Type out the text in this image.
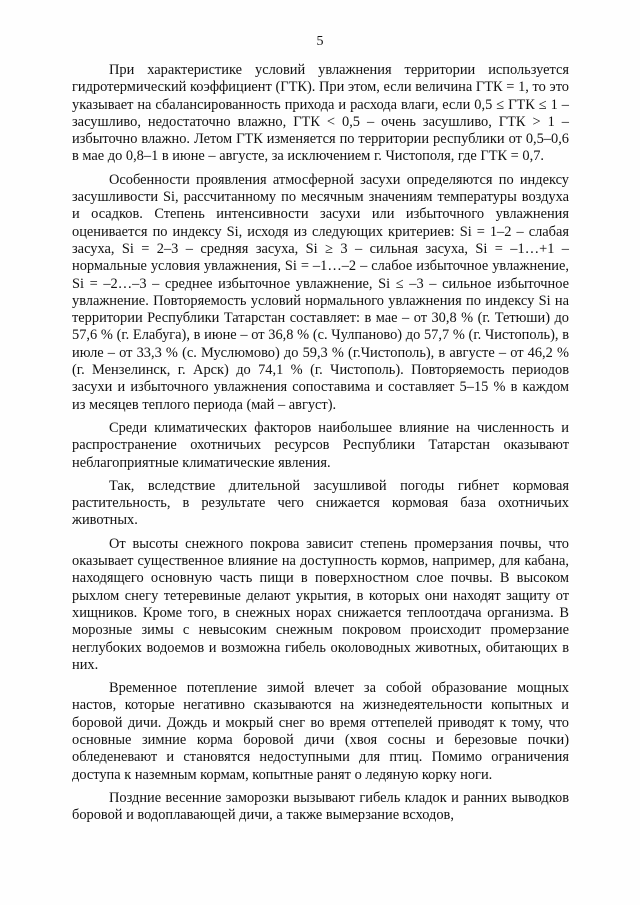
5

При характеристике условий увлажнения территории используется гидротермический коэффициент (ГТК). При этом, если величина ГТК = 1, то это указывает на сбалансированность прихода и расхода влаги, если 0,5 ≤ ГТК ≤ 1 – засушливо, недостаточно влажно, ГТК < 0,5 – очень засушливо, ГТК > 1 – избыточно влажно. Летом ГТК изменяется по территории республики от 0,5–0,6 в мае до 0,8–1 в июне – августе, за исключением г. Чистополя, где ГТК = 0,7.

Особенности проявления атмосферной засухи определяются по индексу засушливости Si, рассчитанному по месячным значениям температуры воздуха и осадков. Степень интенсивности засухи или избыточного увлажнения оценивается по индексу Si, исходя из следующих критериев: Si = 1–2 – слабая засуха, Si = 2–3 – средняя засуха, Si ≥ 3 – сильная засуха, Si = –1…+1 – нормальные условия увлажнения, Si = –1…–2 – слабое избыточное увлажнение, Si = –2…–3 – среднее избыточное увлажнение, Si ≤ –3 – сильное избыточное увлажнение. Повторяемость условий нормального увлажнения по индексу Si на территории Республики Татарстан составляет: в мае – от 30,8 % (г. Тетюши) до 57,6 % (г. Елабуга), в июне – от 36,8 % (с. Чулпаново) до 57,7 % (г. Чистополь), в июле – от 33,3 % (с. Муслюмово) до 59,3 % (г.Чистополь), в августе – от 46,2 % (г. Мензелинск, г. Арск) до 74,1 % (г. Чистополь). Повторяемость периодов засухи и избыточного увлажнения сопоставима и составляет 5–15 % в каждом из месяцев теплого периода (май – август).

Среди климатических факторов наибольшее влияние на численность и распространение охотничьих ресурсов Республики Татарстан оказывают неблагоприятные климатические явления.

Так, вследствие длительной засушливой погоды гибнет кормовая растительность, в результате чего снижается кормовая база охотничьих животных.

От высоты снежного покрова зависит степень промерзания почвы, что оказывает существенное влияние на доступность кормов, например, для кабана, находящего основную часть пищи в поверхностном слое почвы. В высоком рыхлом снегу тетеревиные делают укрытия, в которых они находят защиту от хищников. Кроме того, в снежных норах снижается теплоотдача организма. В морозные зимы с невысоким снежным покровом происходит промерзание неглубоких водоемов и возможна гибель околоводных животных, обитающих в них.

Временное потепление зимой влечет за собой образование мощных настов, которые негативно сказываются на жизнедеятельности копытных и боровой дичи. Дождь и мокрый снег во время оттепелей приводят к тому, что основные зимние корма боровой дичи (хвоя сосны и березовые почки) обледеневают и становятся недоступными для птиц. Помимо ограничения доступа к наземным кормам, копытные ранят о ледяную корку ноги.

Поздние весенние заморозки вызывают гибель кладок и ранних выводков боровой и водоплавающей дичи, а также вымерзание всходов,
